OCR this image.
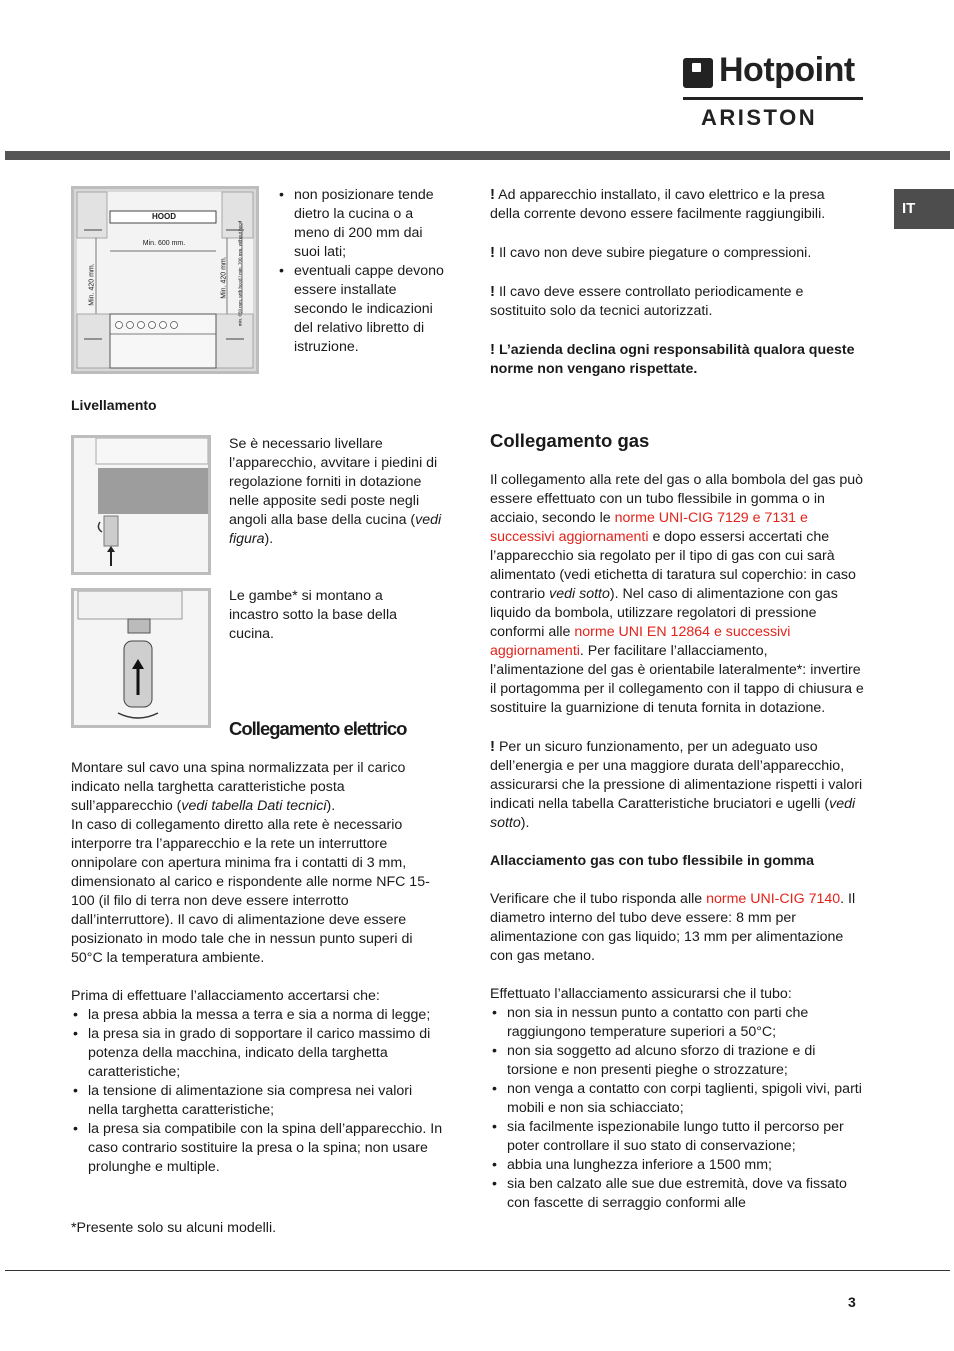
Hotpoint
ARISTON
IT
HOOD
Min. 600 mm.
Min. 420 mm.	Min. 420 mm. min. 650 mm. with hood / min. 700 mm. without hood
• non posizionare tende dietro la cucina o a meno di 200 mm dai suoi lati;
• eventuali cappe devono essere installate secondo le indicazioni del relativo libretto di istruzione.
Livellamento
Se è necessario livellare l’apparecchio, avvitare i piedini di regolazione forniti in dotazione nelle apposite sedi poste negli angoli alla base della cucina (vedi figura).
Le gambe* si montano a incastro sotto la base della cucina.
Collegamento elettrico
Montare sul cavo una spina normalizzata per il carico indicato nella targhetta caratteristiche posta sull’apparecchio (vedi tabella Dati tecnici).
In caso di collegamento diretto alla rete è necessario interporre tra l’apparecchio e la rete un interruttore onnipolare con apertura minima fra i contatti di 3 mm, dimensionato al carico e rispondente alle norme NFC 15-100 (il filo di terra non deve essere interrotto dall’interruttore). Il cavo di alimentazione deve essere posizionato in modo tale che in nessun punto superi di 50°C la temperatura ambiente.
Prima di effettuare l’allacciamento accertarsi che:
• la presa abbia la messa a terra e sia a norma di legge;
• la presa sia in grado di sopportare il carico massimo di potenza della macchina, indicato della targhetta caratteristiche;
• la tensione di alimentazione sia compresa nei valori nella targhetta caratteristiche;
• la presa sia compatibile con la spina dell’apparecchio. In caso contrario sostituire la presa o la spina; non usare prolunghe e multiple.
*Presente solo su alcuni modelli.
! Ad apparecchio installato, il cavo elettrico e la presa della corrente devono essere facilmente raggiungibili.
! Il cavo non deve subire piegature o compressioni.
! Il cavo deve essere controllato periodicamente e sostituito solo da tecnici autorizzati.
! L’azienda declina ogni responsabilità qualora queste norme non vengano rispettate.
Collegamento gas
Il collegamento alla rete del gas o alla bombola del gas può essere effettuato con un tubo flessibile in gomma o in acciaio, secondo le norme UNI-CIG 7129 e 7131 e successivi aggiornamenti e dopo essersi accertati che l’apparecchio sia regolato per il tipo di gas con cui sarà alimentato (vedi etichetta di taratura sul coperchio: in caso contrario vedi sotto). Nel caso di alimentazione con gas liquido da bombola, utilizzare regolatori di pressione conformi alle norme UNI EN 12864 e successivi aggiornamenti. Per facilitare l’allacciamento, l’alimentazione del gas è orientabile lateralmente*: invertire il portagomma per il collegamento con il tappo di chiusura e sostituire la guarnizione di tenuta fornita in dotazione.
! Per un sicuro funzionamento, per un adeguato uso dell’energia e per una maggiore durata dell’apparecchio, assicurarsi che la pressione di alimentazione rispetti i valori indicati nella tabella Caratteristiche bruciatori e ugelli (vedi sotto).
Allacciamento gas con tubo flessibile in gomma
Verificare che il tubo risponda alle norme UNI-CIG 7140. Il diametro interno del tubo deve essere: 8 mm per alimentazione con gas liquido; 13 mm per alimentazione con gas metano.
Effettuato l’allacciamento assicurarsi che il tubo:
• non sia in nessun punto a contatto con parti che raggiungono temperature superiori a 50°C;
• non sia soggetto ad alcuno sforzo di trazione e di torsione e non presenti pieghe o strozzature;
• non venga a contatto con corpi taglienti, spigoli vivi, parti mobili e non sia schiacciato;
• sia facilmente ispezionabile lungo tutto il percorso per poter controllare il suo stato di conservazione;
• abbia una lunghezza inferiore a 1500 mm;
• sia ben calzato alle sue due estremità, dove va fissato con fascette di serraggio conformi alle
3
